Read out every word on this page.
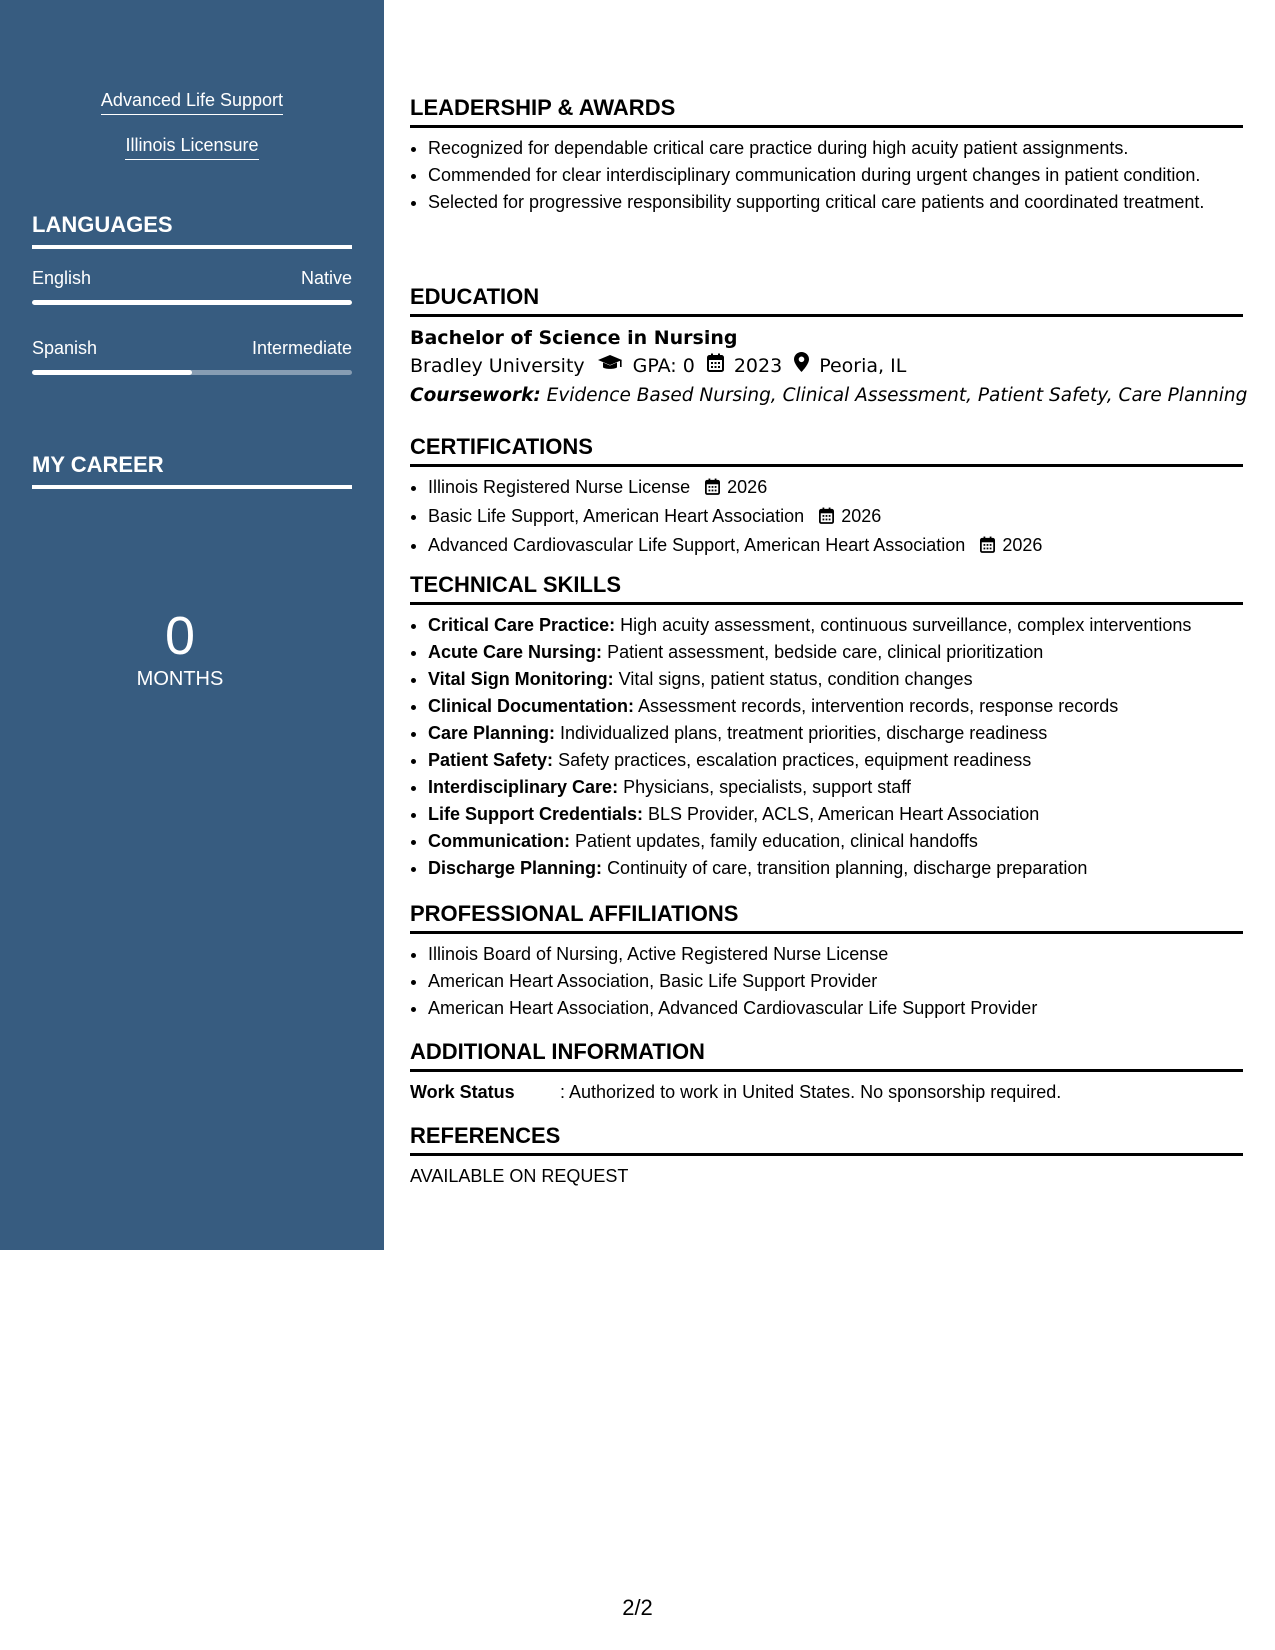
Advanced Life Support
Illinois Licensure
LANGUAGES
English	Native
Spanish	Intermediate
MY CAREER
0
MONTHS
LEADERSHIP & AWARDS
• Recognized for dependable critical care practice during high acuity patient assignments.
• Commended for clear interdisciplinary communication during urgent changes in patient condition.
• Selected for progressive responsibility supporting critical care patients and coordinated treatment.
EDUCATION
Bachelor of Science in Nursing
Bradley University	GPA: 0 2023 Peoria, IL
Coursework: Evidence Based Nursing, Clinical Assessment, Patient Safety, Care Planning
CERTIFICATIONS
• Illinois Registered Nurse License 2026
• Basic Life Support, American Heart Association 2026
• Advanced Cardiovascular Life Support, American Heart Association 2026
TECHNICAL SKILLS
• Critical Care Practice: High acuity assessment, continuous surveillance, complex interventions
• Acute Care Nursing: Patient assessment, bedside care, clinical prioritization
• Vital Sign Monitoring: Vital signs, patient status, condition changes
• Clinical Documentation: Assessment records, intervention records, response records
• Care Planning: Individualized plans, treatment priorities, discharge readiness
• Patient Safety: Safety practices, escalation practices, equipment readiness
• Interdisciplinary Care: Physicians, specialists, support staff
• Life Support Credentials: BLS Provider, ACLS, American Heart Association
• Communication: Patient updates, family education, clinical handoffs
• Discharge Planning: Continuity of care, transition planning, discharge preparation
PROFESSIONAL AFFILIATIONS
• Illinois Board of Nursing, Active Registered Nurse License
• American Heart Association, Basic Life Support Provider
• American Heart Association, Advanced Cardiovascular Life Support Provider
ADDITIONAL INFORMATION
Work Status	: Authorized to work in United States. No sponsorship required.
REFERENCES
AVAILABLE ON REQUEST
2/2
